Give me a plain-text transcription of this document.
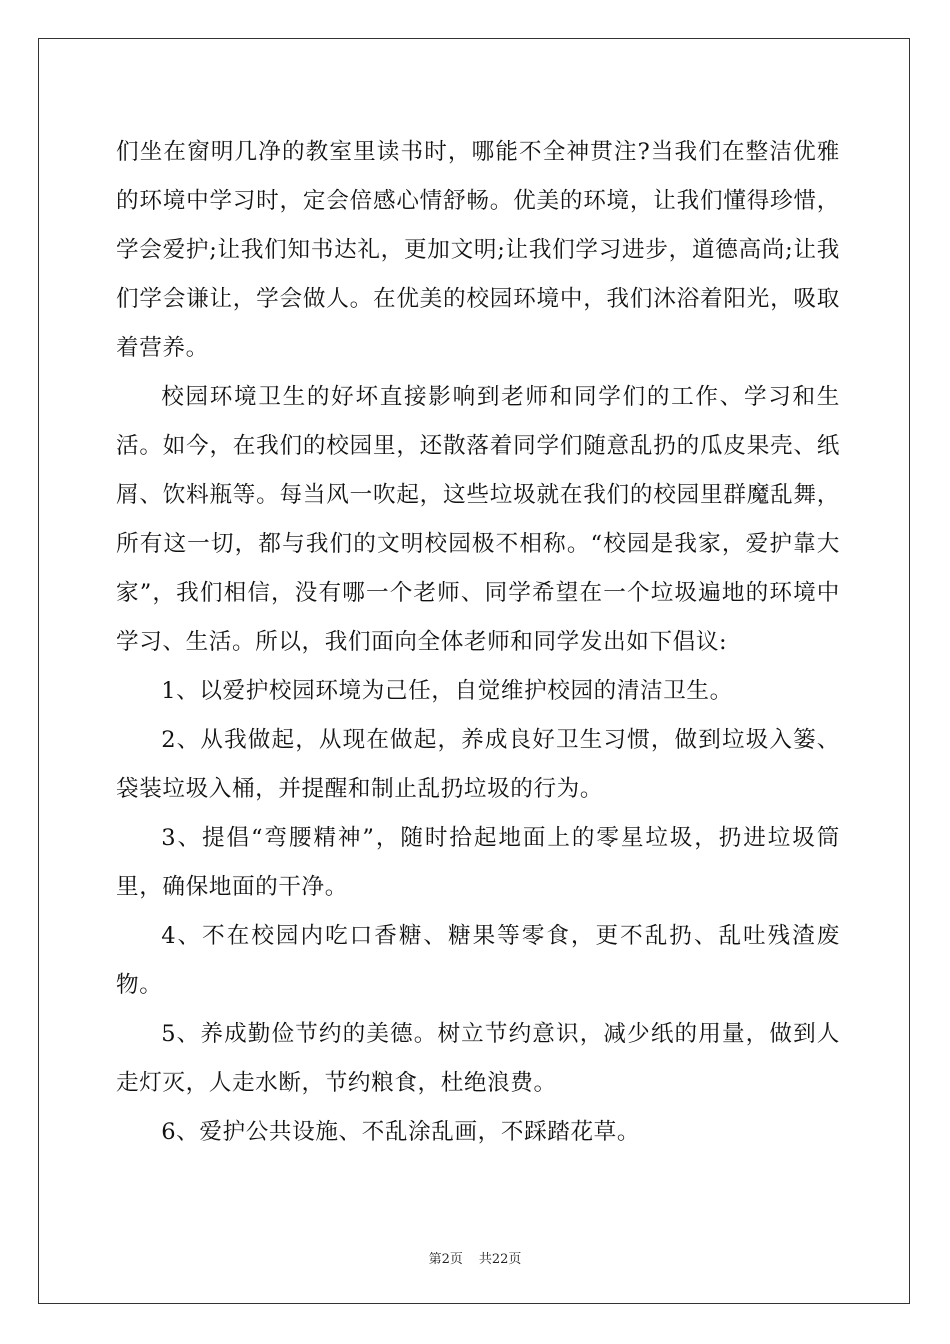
们坐在窗明几净的教室里读书时，哪能不全神贯注?当我们在整洁优雅的环境中学习时，定会倍感心情舒畅。优美的环境，让我们懂得珍惜，学会爱护;让我们知书达礼，更加文明;让我们学习进步，道德高尚;让我们学会谦让，学会做人。在优美的校园环境中，我们沐浴着阳光，吸取着营养。

校园环境卫生的好坏直接影响到老师和同学们的工作、学习和生活。如今，在我们的校园里，还散落着同学们随意乱扔的瓜皮果壳、纸屑、饮料瓶等。每当风一吹起，这些垃圾就在我们的校园里群魔乱舞，所有这一切，都与我们的文明校园极不相称。“校园是我家，爱护靠大家”，我们相信，没有哪一个老师、同学希望在一个垃圾遍地的环境中学习、生活。所以，我们面向全体老师和同学发出如下倡议:

1、以爱护校园环境为己任，自觉维护校园的清洁卫生。

2、从我做起，从现在做起，养成良好卫生习惯，做到垃圾入篓、袋装垃圾入桶，并提醒和制止乱扔垃圾的行为。

3、提倡“弯腰精神”，随时拾起地面上的零星垃圾，扔进垃圾筒里，确保地面的干净。

4、不在校园内吃口香糖、糖果等零食，更不乱扔、乱吐残渣废物。

5、养成勤俭节约的美德。树立节约意识，减少纸的用量，做到人走灯灭，人走水断，节约粮食，杜绝浪费。

6、爱护公共设施、不乱涂乱画，不踩踏花草。

第2页 共22页
